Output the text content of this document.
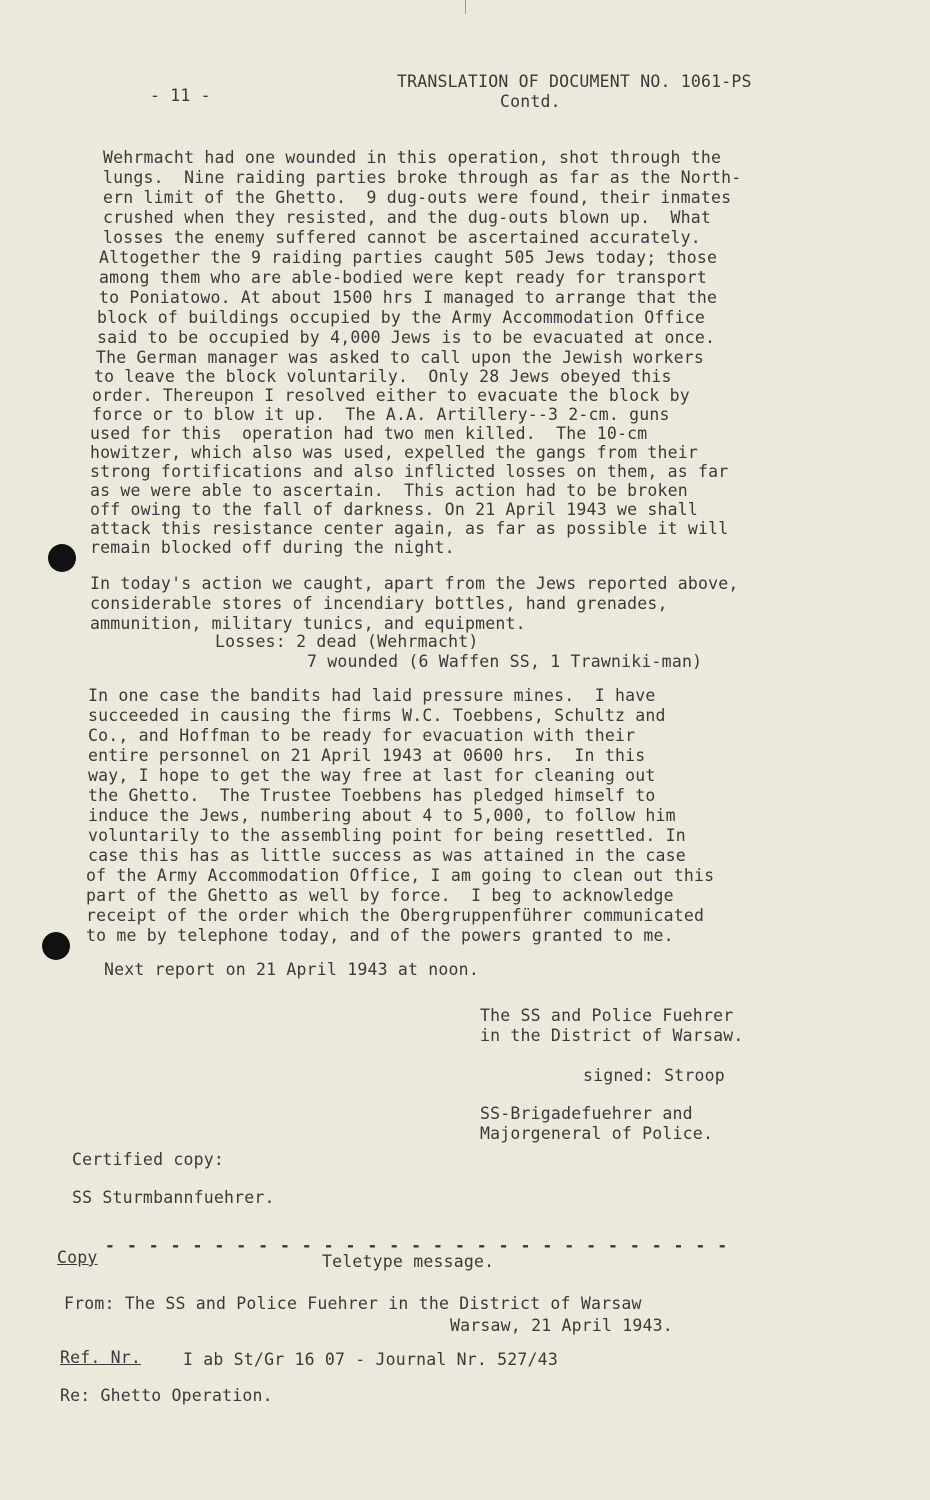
- 11 -
TRANSLATION OF DOCUMENT NO. 1061-PS
Contd.
Wehrmacht had one wounded in this operation, shot through the
lungs.  Nine raiding parties broke through as far as the North-
ern limit of the Ghetto.  9 dug-outs were found, their inmates
crushed when they resisted, and the dug-outs blown up.  What
losses the enemy suffered cannot be ascertained accurately.
Altogether the 9 raiding parties caught 505 Jews today; those
among them who are able-bodied were kept ready for transport
to Poniatowo. At about 1500 hrs I managed to arrange that the
block of buildings occupied by the Army Accommodation Office
said to be occupied by 4,000 Jews is to be evacuated at once.
The German manager was asked to call upon the Jewish workers
to leave the block voluntarily.  Only 28 Jews obeyed this
order. Thereupon I resolved either to evacuate the block by
force or to blow it up.  The A.A. Artillery--3 2-cm. guns
used for this  operation had two men killed.  The 10-cm
howitzer, which also was used, expelled the gangs from their
strong fortifications and also inflicted losses on them, as far
as we were able to ascertain.  This action had to be broken
off owing to the fall of darkness. On 21 April 1943 we shall
attack this resistance center again, as far as possible it will
remain blocked off during the night.
In today's action we caught, apart from the Jews reported above,
considerable stores of incendiary bottles, hand grenades,
ammunition, military tunics, and equipment.
Losses: 2 dead (Wehrmacht)
7 wounded (6 Waffen SS, 1 Trawniki-man)
In one case the bandits had laid pressure mines.  I have
succeeded in causing the firms W.C. Toebbens, Schultz and
Co., and Hoffman to be ready for evacuation with their
entire personnel on 21 April 1943 at 0600 hrs.  In this
way, I hope to get the way free at last for cleaning out
the Ghetto.  The Trustee Toebbens has pledged himself to
induce the Jews, numbering about 4 to 5,000, to follow him
voluntarily to the assembling point for being resettled. In
case this has as little success as was attained in the case
of the Army Accommodation Office, I am going to clean out this
part of the Ghetto as well by force.  I beg to acknowledge
receipt of the order which the Obergruppenführer communicated
to me by telephone today, and of the powers granted to me.
Next report on 21 April 1943 at noon.
The SS and Police Fuehrer
in the District of Warsaw.
signed: Stroop
SS-Brigadefuehrer and
Majorgeneral of Police.
Certified copy:
SS Sturmbannfuehrer.
- - - - - - - - - - - - - - - - - - - - - - - - - - - - -
Copy	Teletype message.
From: The SS and Police Fuehrer in the District of Warsaw
Warsaw, 21 April 1943.
Ref. Nr.	I ab St/Gr 16 07 - Journal Nr. 527/43
Re: Ghetto Operation.
